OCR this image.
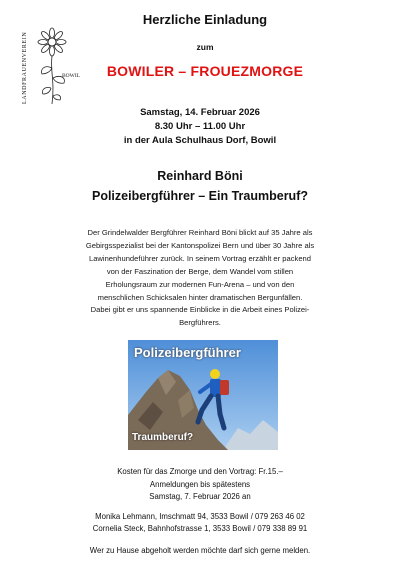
LANDFRAUENVEREIN	BOWIL
Herzliche Einladung
zum
BOWILER – FROUEZMORGE
Samstag, 14. Februar 2026
8.30 Uhr – 11.00 Uhr
in der Aula Schulhaus Dorf, Bowil
Reinhard Böni
Polizeibergführer – Ein Traumberuf?
Der Grindelwalder Bergführer Reinhard Böni blickt auf 35 Jahre als
Gebirgsspezialist bei der Kantonspolizei Bern und über 30 Jahre als
Lawinenhundeführer zurück. In seinem Vortrag erzählt er packend
von der Faszination der Berge, dem Wandel vom stillen
Erholungsraum zur modernen Fun-Arena – und von den
menschlichen Schicksalen hinter dramatischen Bergunfällen.
Dabei gibt er uns spannende Einblicke in die Arbeit eines Polizei-
Bergführers.
Polizeibergführer
Traumberuf?
Kosten für das Zmorge und den Vortrag: Fr.15.–
Anmeldungen bis spätestens
Samstag, 7. Februar 2026 an
Monika Lehmann, Imschmatt 94, 3533 Bowil / 079 263 46 02
Cornelia Steck, Bahnhofstrasse 1, 3533 Bowil / 079 338 89 91
Wer zu Hause abgeholt werden möchte darf sich gerne melden.
